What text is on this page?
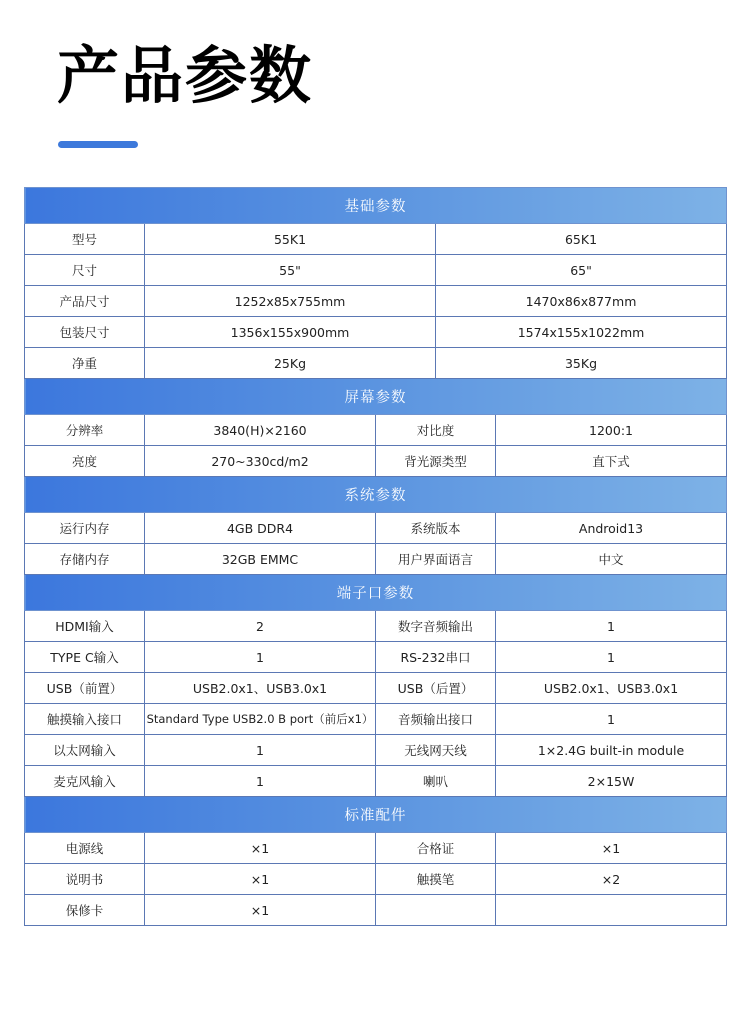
产品参数
基础参数				
型号	55K1		65K1	
尺寸	55"		65"	
产品尺寸	1252x85x755mm		1470x86x877mm	
包装尺寸	1356x155x900mm		1574x155x1022mm	
净重	25Kg		35Kg	
屏幕参数				
分辨率	3840(H)×2160	对比度		1200:1
亮度	270~330cd/m2	背光源类型		直下式
系统参数				
运行内存	4GB DDR4	系统版本		Android13
存储内存	32GB EMMC	用户界面语言		中文
端子口参数				
HDMI输入	2	数字音频输出		1
TYPE C输入	1	RS-232串口		1
USB（前置）	USB2.0x1、USB3.0x1	USB（后置）		USB2.0x1、USB3.0x1
触摸输入接口	Standard Type USB2.0 B port（前后x1）	音频输出接口		1
以太网输入	1	无线网天线		1×2.4G built-in module
麦克风输入	1	喇叭		2×15W
标准配件				
电源线	×1	合格证		×1
说明书	×1	触摸笔		×2
保修卡	×1			
